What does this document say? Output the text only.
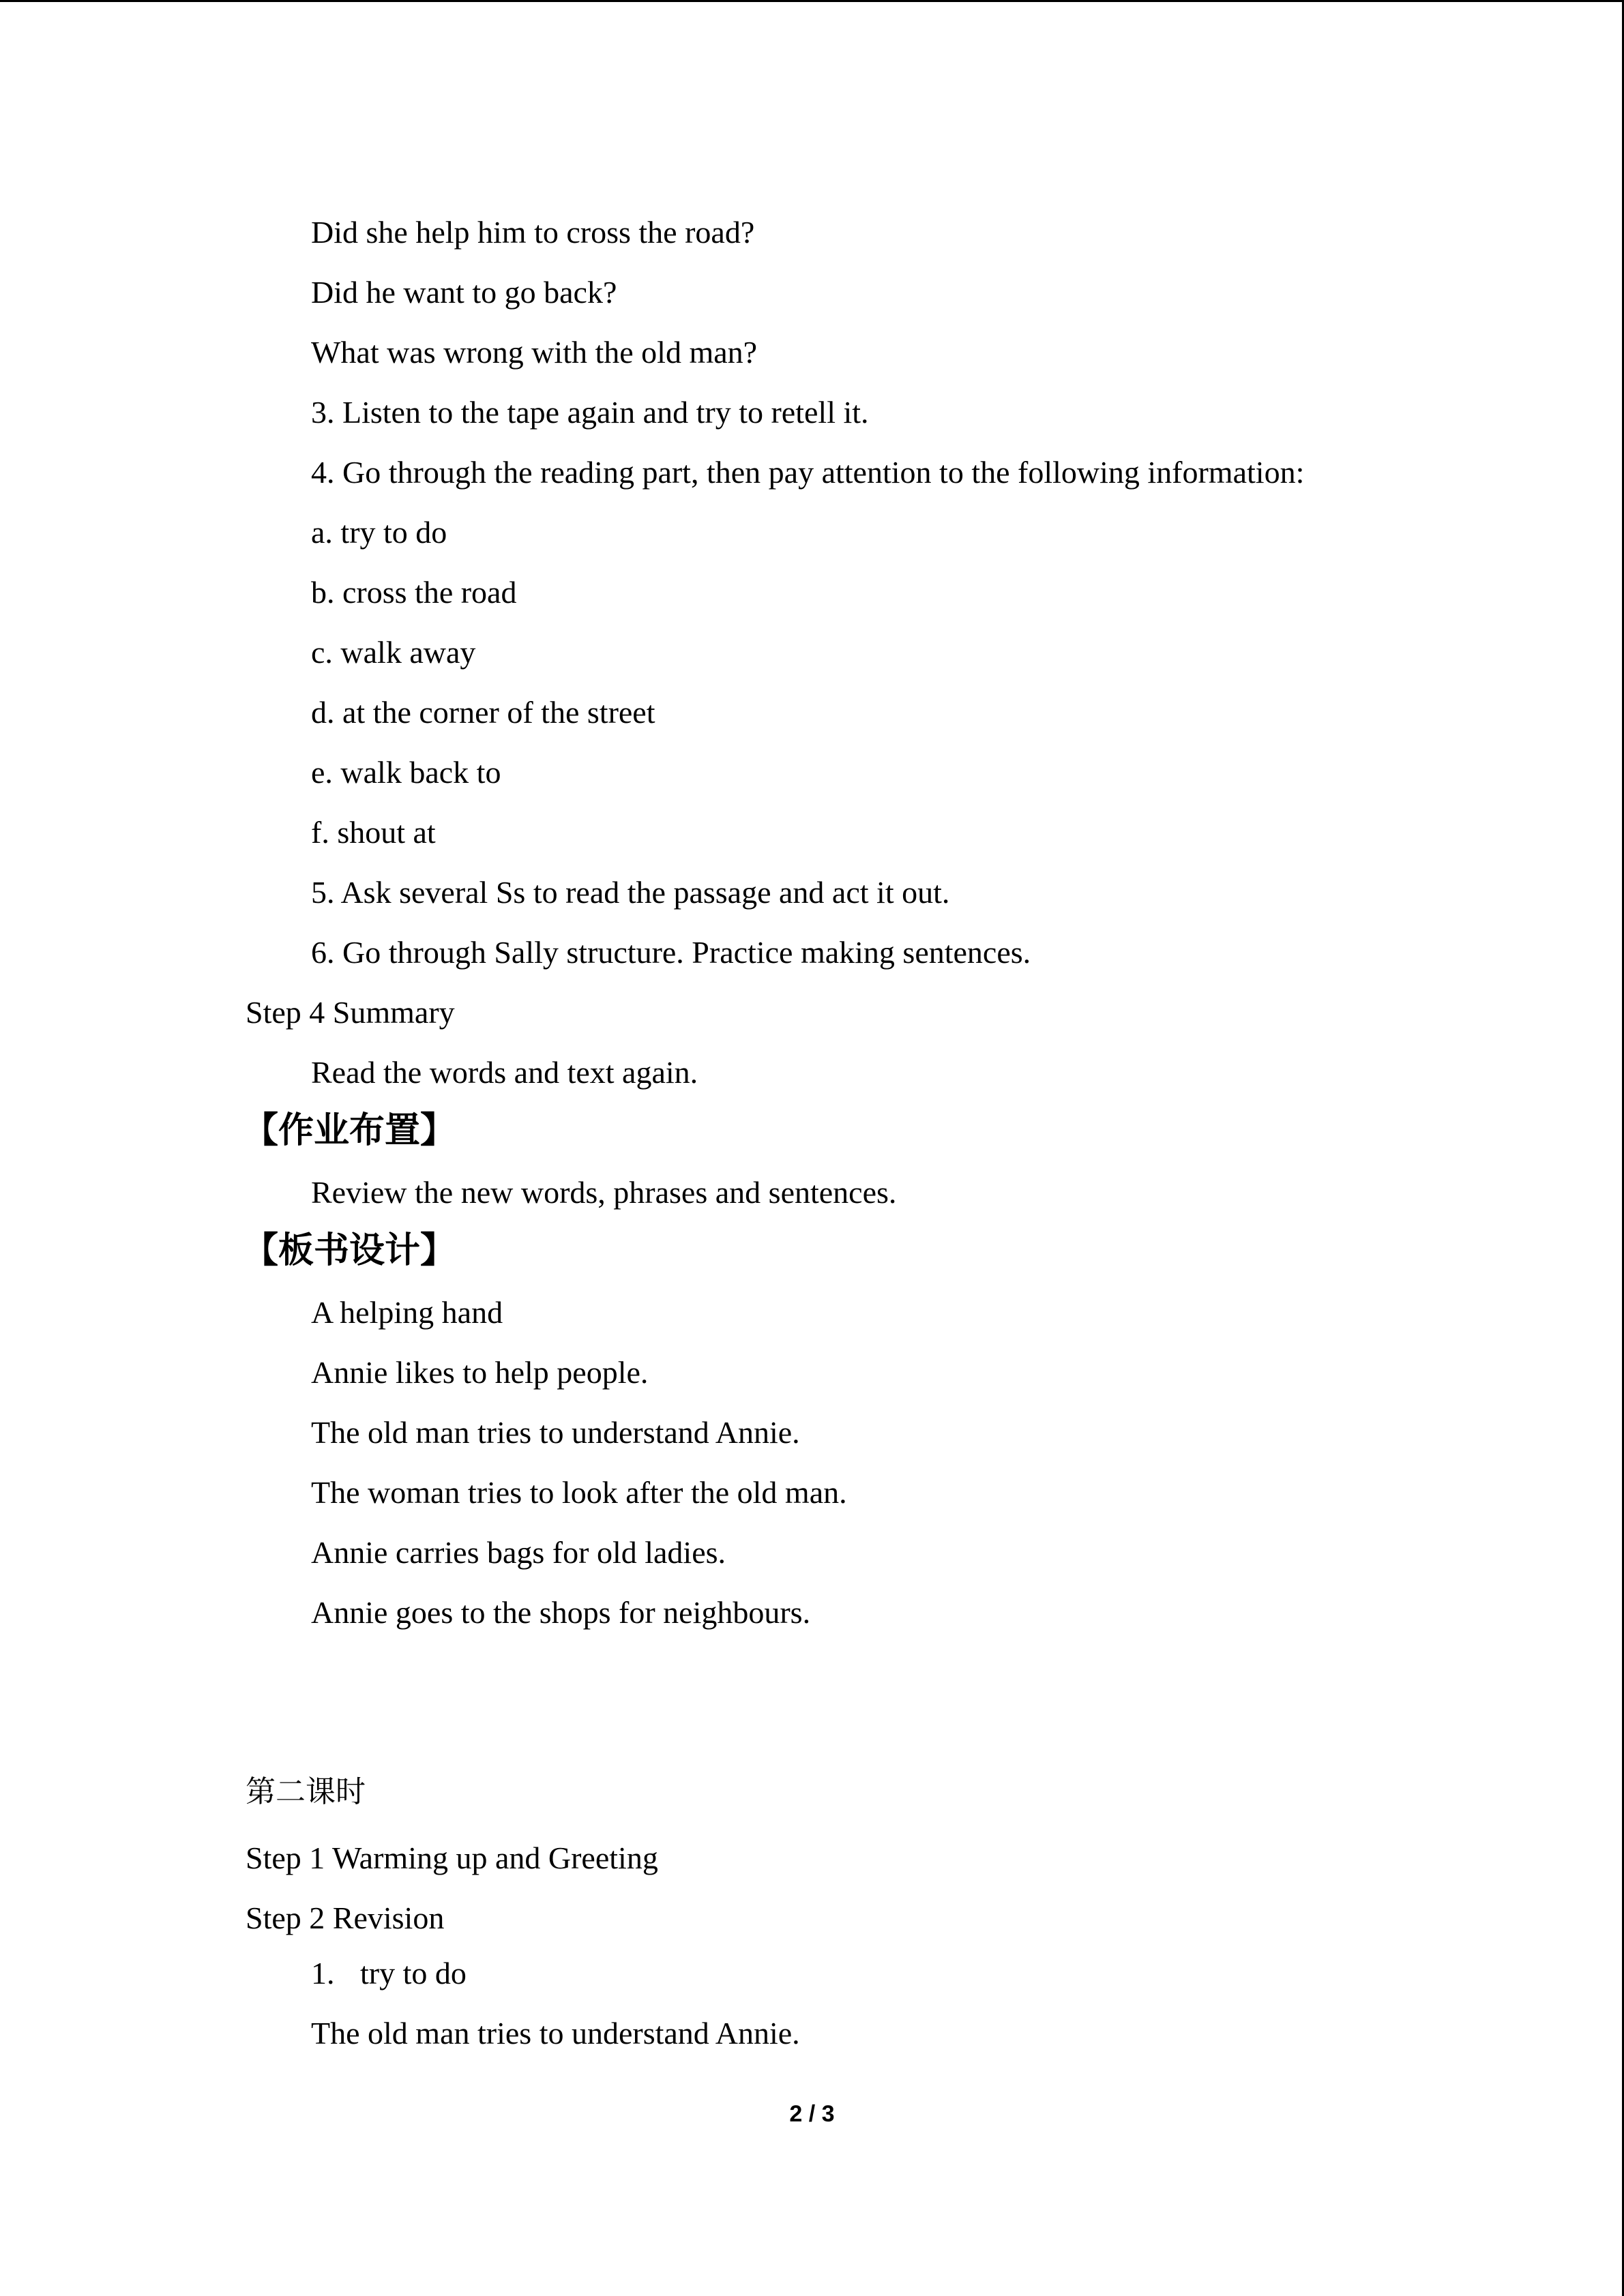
Did she help him to cross the road?
Did he want to go back?
What was wrong with the old man?
3. Listen to the tape again and try to retell it.
4. Go through the reading part, then pay attention to the following information:
a. try to do
b. cross the road
c. walk away
d. at the corner of the street
e. walk back to
f. shout at
5. Ask several Ss to read the passage and act it out.
6. Go through Sally structure. Practice making sentences.
Step 4 Summary
Read the words and text again.
【作业布置】
Review the new words, phrases and sentences.
【板书设计】
A helping hand
Annie likes to help people.
The old man tries to understand Annie.
The woman tries to look after the old man.
Annie carries bags for old ladies.
Annie goes to the shops for neighbours.
第二课时
Step 1 Warming up and Greeting
Step 2 Revision
1. try to do
The old man tries to understand Annie.
2 / 3
